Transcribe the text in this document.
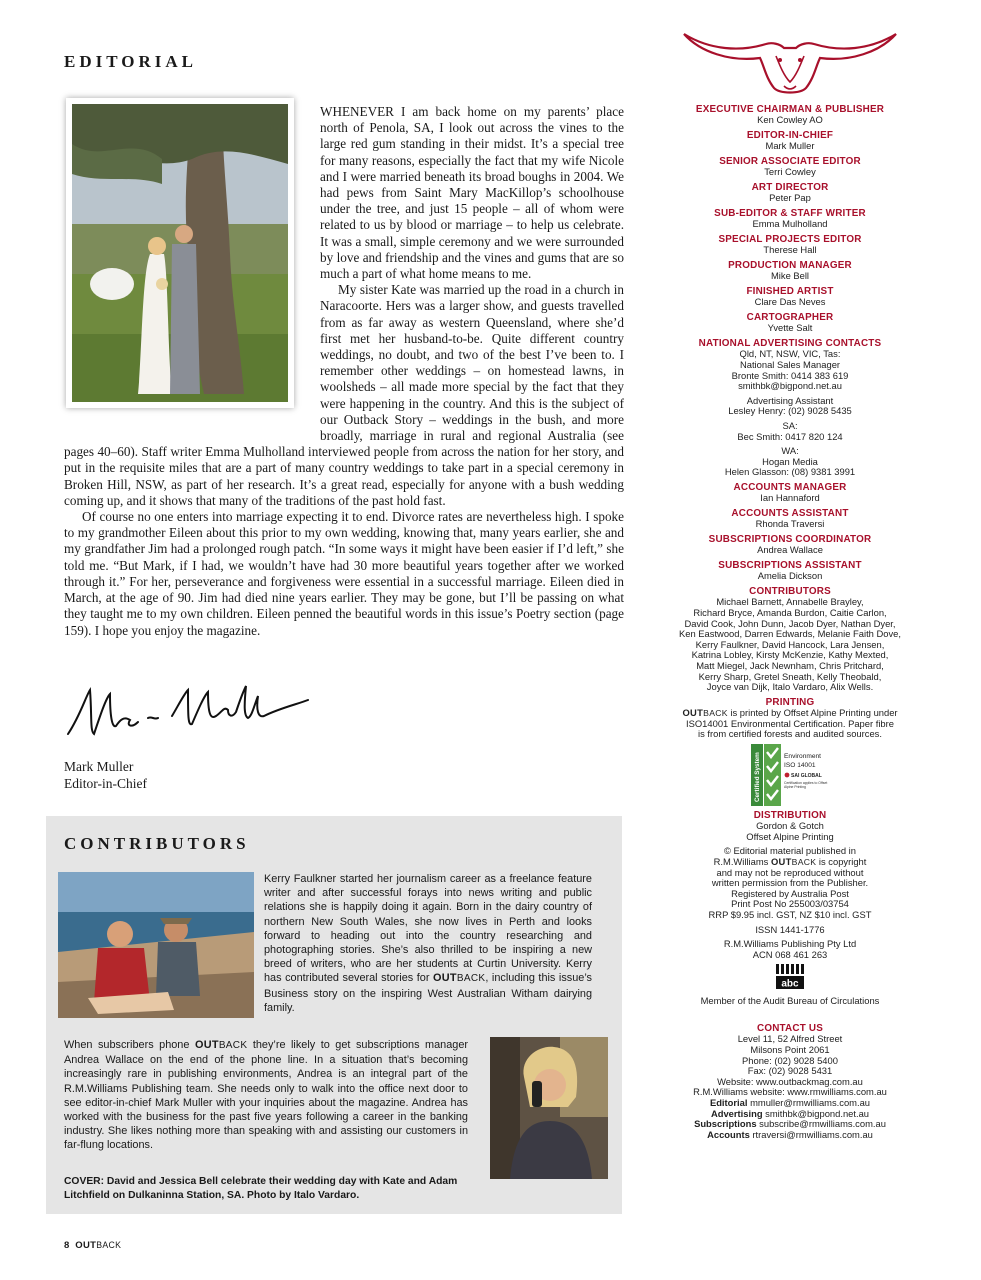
EDITORIAL

WHENEVER I am back home on my parents’ place north of Penola, SA, I look out across the vines to the large red gum standing in their midst. It’s a special tree for many reasons, especially the fact that my wife Nicole and I were married beneath its broad boughs in 2004. We had pews from Saint Mary MacKillop’s schoolhouse under the tree, and just 15 people – all of whom were related to us by blood or marriage – to help us celebrate. It was a small, simple ceremony and we were surrounded by love and friendship and the vines and gums that are so much a part of what home means to me.

My sister Kate was married up the road in a church in Naracoorte. Hers was a larger show, and guests travelled from as far away as western Queensland, where she’d first met her husband-to-be. Quite different country weddings, no doubt, and two of the best I’ve been to. I remember other weddings – on homestead lawns, in woolsheds – all made more special by the fact that they were happening in the country. And this is the subject of our Outback Story – weddings in the bush, and more broadly, marriage in rural and regional Australia (see pages 40–60). Staff writer Emma Mulholland interviewed people from across the nation for her story, and put in the requisite miles that are a part of many country weddings to take part in a special ceremony in Broken Hill, NSW, as part of her research. It’s a great read, especially for anyone with a bush wedding coming up, and it shows that many of the traditions of the past hold fast.

Of course no one enters into marriage expecting it to end. Divorce rates are nevertheless high. I spoke to my grandmother Eileen about this prior to my own wedding, knowing that, many years earlier, she and my grandfather Jim had a prolonged rough patch. “In some ways it might have been easier if I’d left,” she told me. “But Mark, if I had, we wouldn’t have had 30 more beautiful years together after we worked through it.” For her, perseverance and forgiveness were essential in a successful marriage. Eileen died in March, at the age of 90. Jim had died nine years earlier. They may be gone, but I’ll be passing on what they taught me to my own children. Eileen penned the beautiful words in this issue’s Poetry section (page 159). I hope you enjoy the magazine.

Mark Muller
Editor-in-Chief
CONTRIBUTORS
Kerry Faulkner started her journalism career as a freelance feature writer and after successful forays into news writing and public relations she is happily doing it again. Born in the dairy country of northern New South Wales, she now lives in Perth and looks forward to heading out into the country researching and photographing stories. She’s also thrilled to be inspiring a new breed of writers, who are her students at Curtin University. Kerry has contributed several stories for OUTBACK, including this issue’s Business story on the inspiring West Australian Witham dairying family.
When subscribers phone OUTBACK they’re likely to get subscriptions manager Andrea Wallace on the end of the phone line. In a situation that’s becoming increasingly rare in publishing environments, Andrea is an integral part of the R.M.Williams Publishing team. She needs only to walk into the office next door to see editor-in-chief Mark Muller with your inquiries about the magazine. Andrea has worked with the business for the past five years following a career in the banking industry. She likes nothing more than speaking with and assisting our customers in far-flung locations.
COVER: David and Jessica Bell celebrate their wedding day with Kate and Adam Litchfield on Dulkaninna Station, SA. Photo by Italo Vardaro.
8 OUTBACK
EXECUTIVE CHAIRMAN & PUBLISHER
Ken Cowley AO
EDITOR-IN-CHIEF
Mark Muller
SENIOR ASSOCIATE EDITOR
Terri Cowley
ART DIRECTOR
Peter Pap
SUB-EDITOR & STAFF WRITER
Emma Mulholland
SPECIAL PROJECTS EDITOR
Therese Hall
PRODUCTION MANAGER
Mike Bell
FINISHED ARTIST
Clare Das Neves
CARTOGRAPHER
Yvette Salt
NATIONAL ADVERTISING CONTACTS
Qld, NT, NSW, VIC, Tas:
National Sales Manager
Bronte Smith: 0414 383 619
smithbk@bigpond.net.au
Advertising Assistant
Lesley Henry: (02) 9028 5435
SA:
Bec Smith: 0417 820 124
WA:
Hogan Media
Helen Glasson: (08) 9381 3991
ACCOUNTS MANAGER
Ian Hannaford
ACCOUNTS ASSISTANT
Rhonda Traversi
SUBSCRIPTIONS COORDINATOR
Andrea Wallace
SUBSCRIPTIONS ASSISTANT
Amelia Dickson
CONTRIBUTORS
Michael Barnett, Annabelle Brayley,
Richard Bryce, Amanda Burdon, Caitie Carlon,
David Cook, John Dunn, Jacob Dyer, Nathan Dyer,
Ken Eastwood, Darren Edwards, Melanie Faith Dove,
Kerry Faulkner, David Hancock, Lara Jensen,
Katrina Lobley, Kirsty McKenzie, Kathy Mexted,
Matt Miegel, Jack Newnham, Chris Pritchard,
Kerry Sharp, Gretel Sneath, Kelly Theobald,
Joyce van Dijk, Italo Vardaro, Alix Wells.
PRINTING
OUTBACK is printed by Offset Alpine Printing under
ISO14001 Environmental Certification. Paper fibre
is from certified forests and audited sources.
Certified System	Environment
ISO 14001
SAI GLOBAL
Certification applies to Offset Alpine Printing
DISTRIBUTION
Gordon & Gotch
Offset Alpine Printing
© Editorial material published in
R.M.Williams OUTBACK is copyright
and may not be reproduced without
written permission from the Publisher.
Registered by Australia Post
Print Post No 255003/03754
RRP $9.95 incl. GST, NZ $10 incl. GST
ISSN 1441-1776
R.M.Williams Publishing Pty Ltd
ACN 068 461 263
abc
Member of the Audit Bureau of Circulations
CONTACT US
Level 11, 52 Alfred Street
Milsons Point 2061
Phone: (02) 9028 5400
Fax: (02) 9028 5431
Website: www.outbackmag.com.au
R.M.Williams website: www.rmwilliams.com.au
Editorial mmuller@rmwilliams.com.au
Advertising smithbk@bigpond.net.au
Subscriptions subscribe@rmwilliams.com.au
Accounts rtraversi@rmwilliams.com.au
